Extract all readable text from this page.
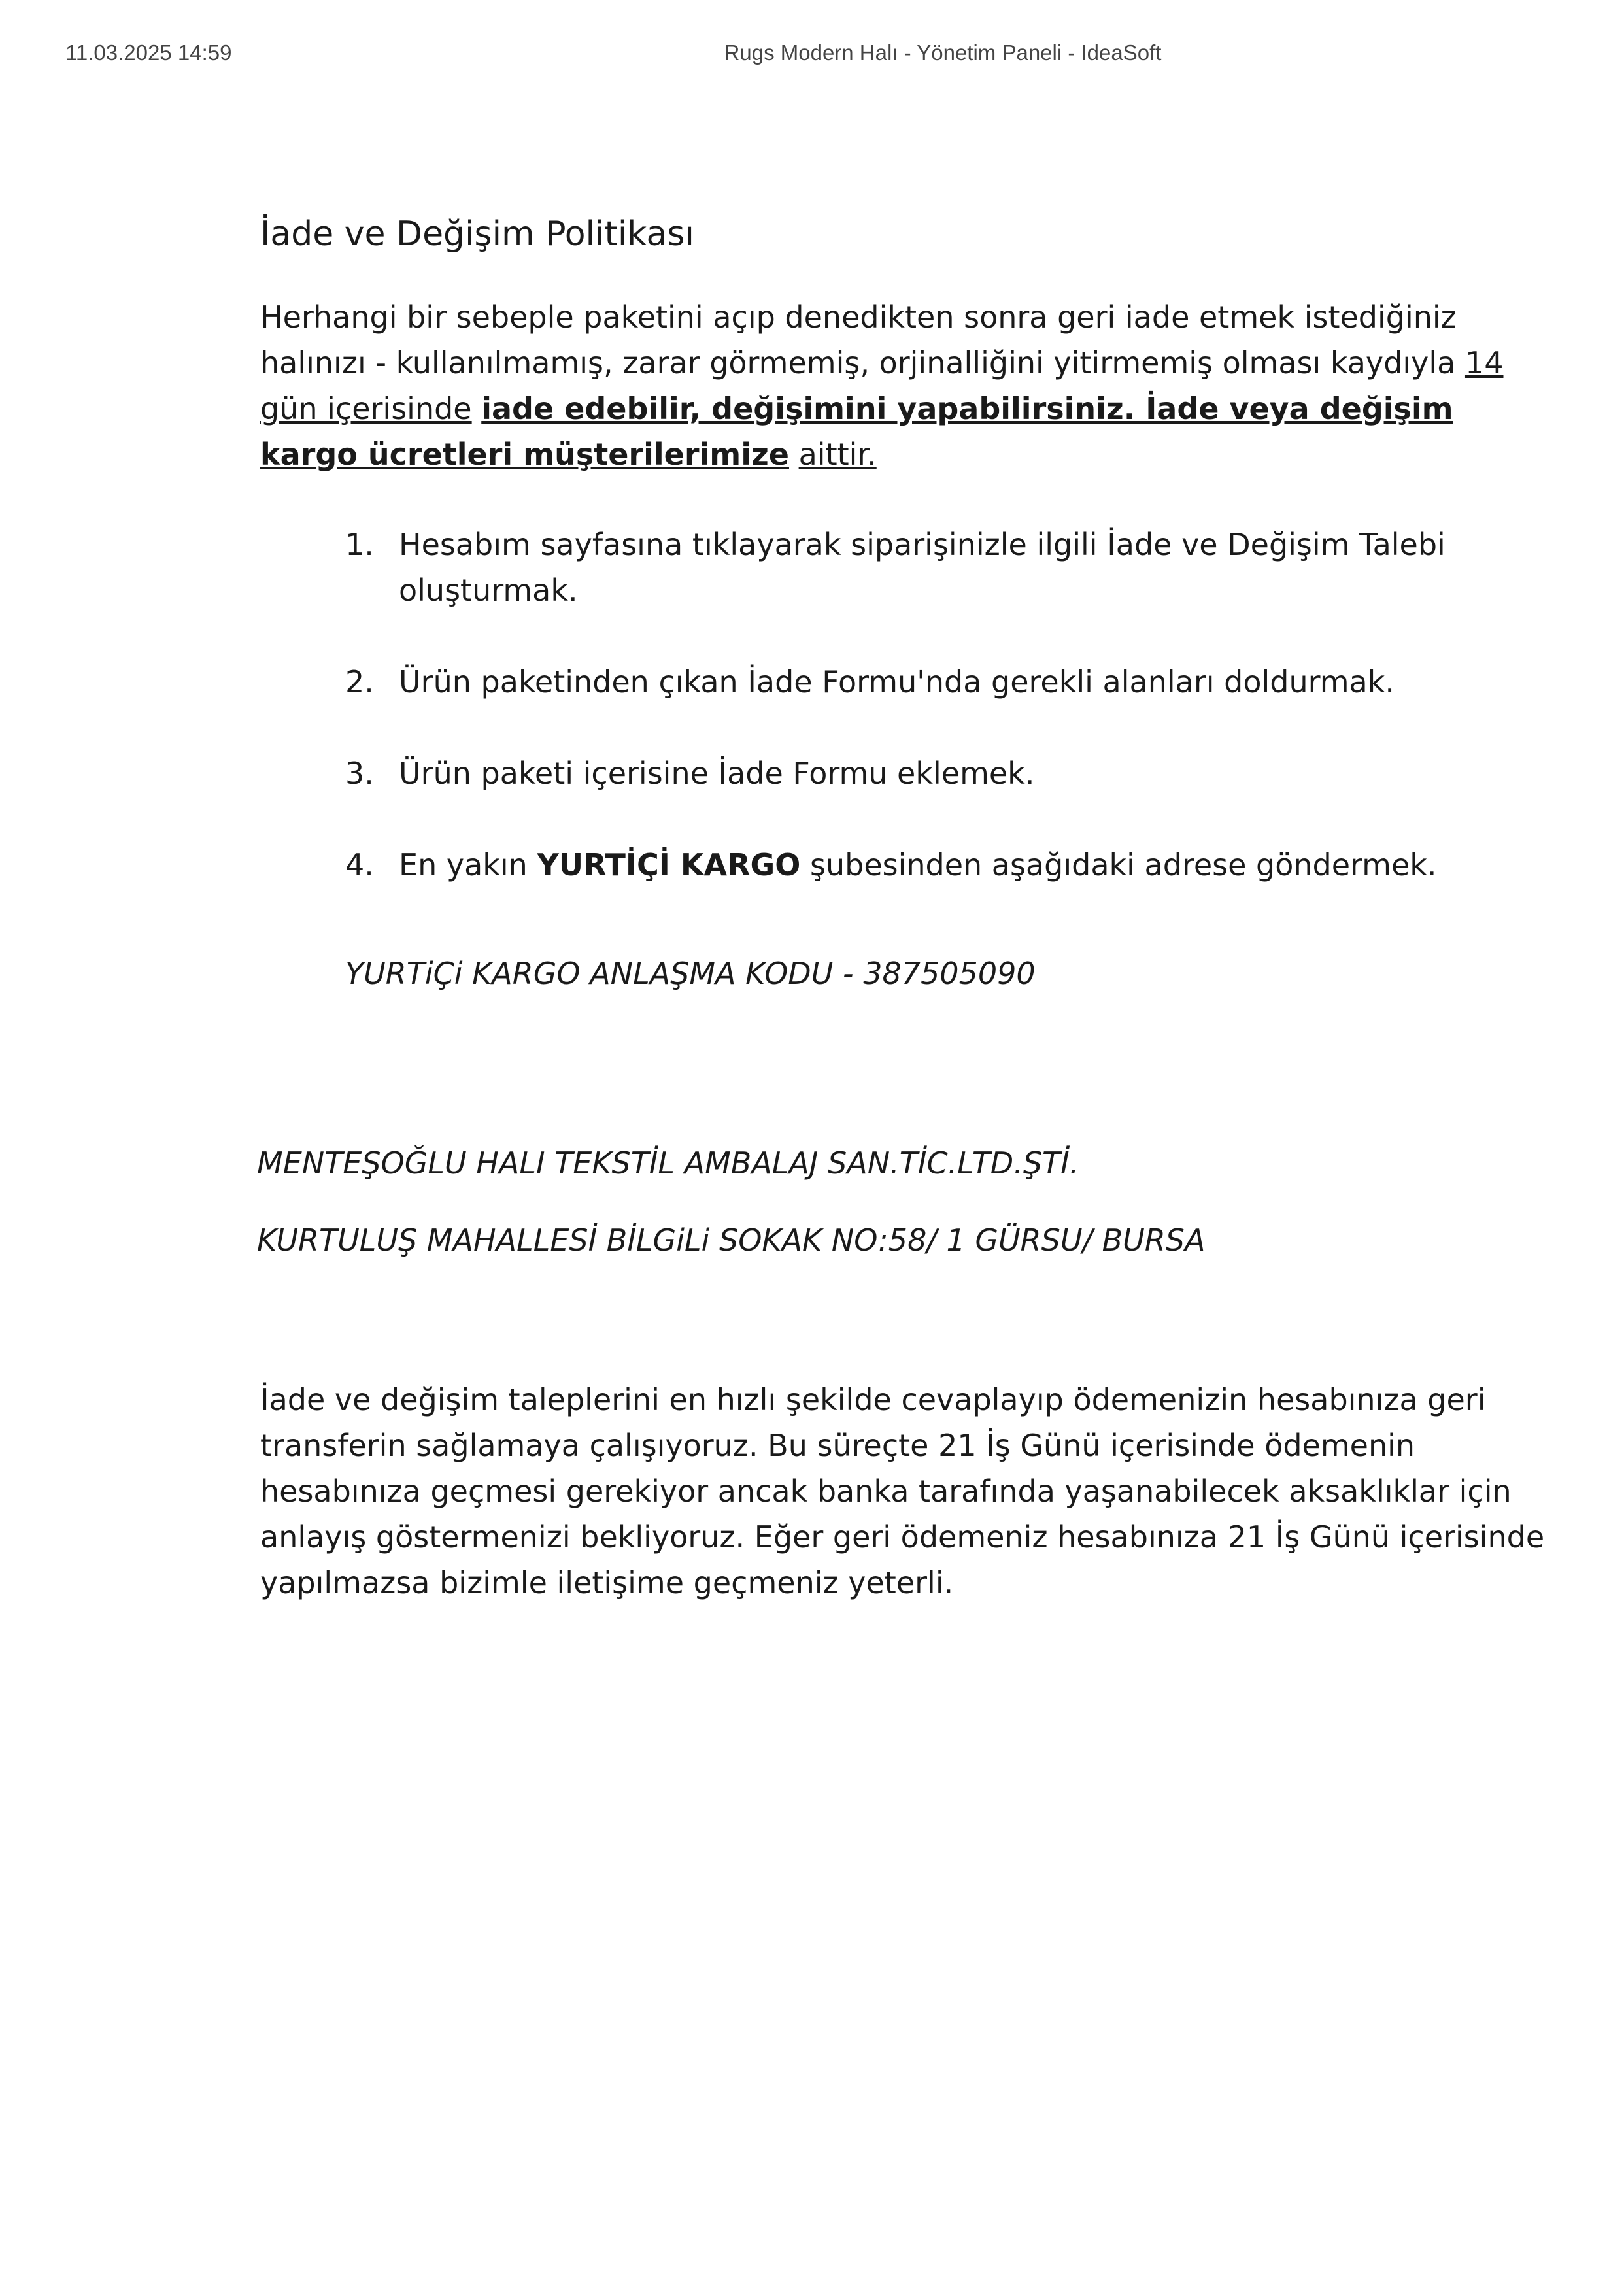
11.03.2025 14:59	Rugs Modern Halı - Yönetim Paneli - IdeaSoft
İade ve Değişim Politikası

Herhangi bir sebeple paketini açıp denedikten sonra geri iade etmek istediğiniz halınızı - kullanılmamış, zarar görmemiş, orjinalliğini yitirmemiş olması kaydıyla 14 gün içerisinde iade edebilir, değişimini yapabilirsiniz. İade veya değişim kargo ücretleri müşterilerimize aittir.

1. Hesabım sayfasına tıklayarak siparişinizle ilgili İade ve Değişim Talebi oluşturmak.
2. Ürün paketinden çıkan İade Formu'nda gerekli alanları doldurmak.
3. Ürün paketi içerisine İade Formu eklemek.
4. En yakın YURTİÇİ KARGO şubesinden aşağıdaki adrese göndermek.

YURTiÇi KARGO ANLAŞMA KODU - 387505090

MENTEŞOĞLU HALI TEKSTİL AMBALAJ SAN.TİC.LTD.ŞTİ.

KURTULUŞ MAHALLESİ BİLGiLi SOKAK NO:58/ 1 GÜRSU/ BURSA

İade ve değişim taleplerini en hızlı şekilde cevaplayıp ödemenizin hesabınıza geri transferin sağlamaya çalışıyoruz. Bu süreçte 21 İş Günü içerisinde ödemenin hesabınıza geçmesi gerekiyor ancak banka tarafında yaşanabilecek aksaklıklar için anlayış göstermenizi bekliyoruz. Eğer geri ödemeniz hesabınıza 21 İş Günü içerisinde yapılmazsa bizimle iletişime geçmeniz yeterli.
